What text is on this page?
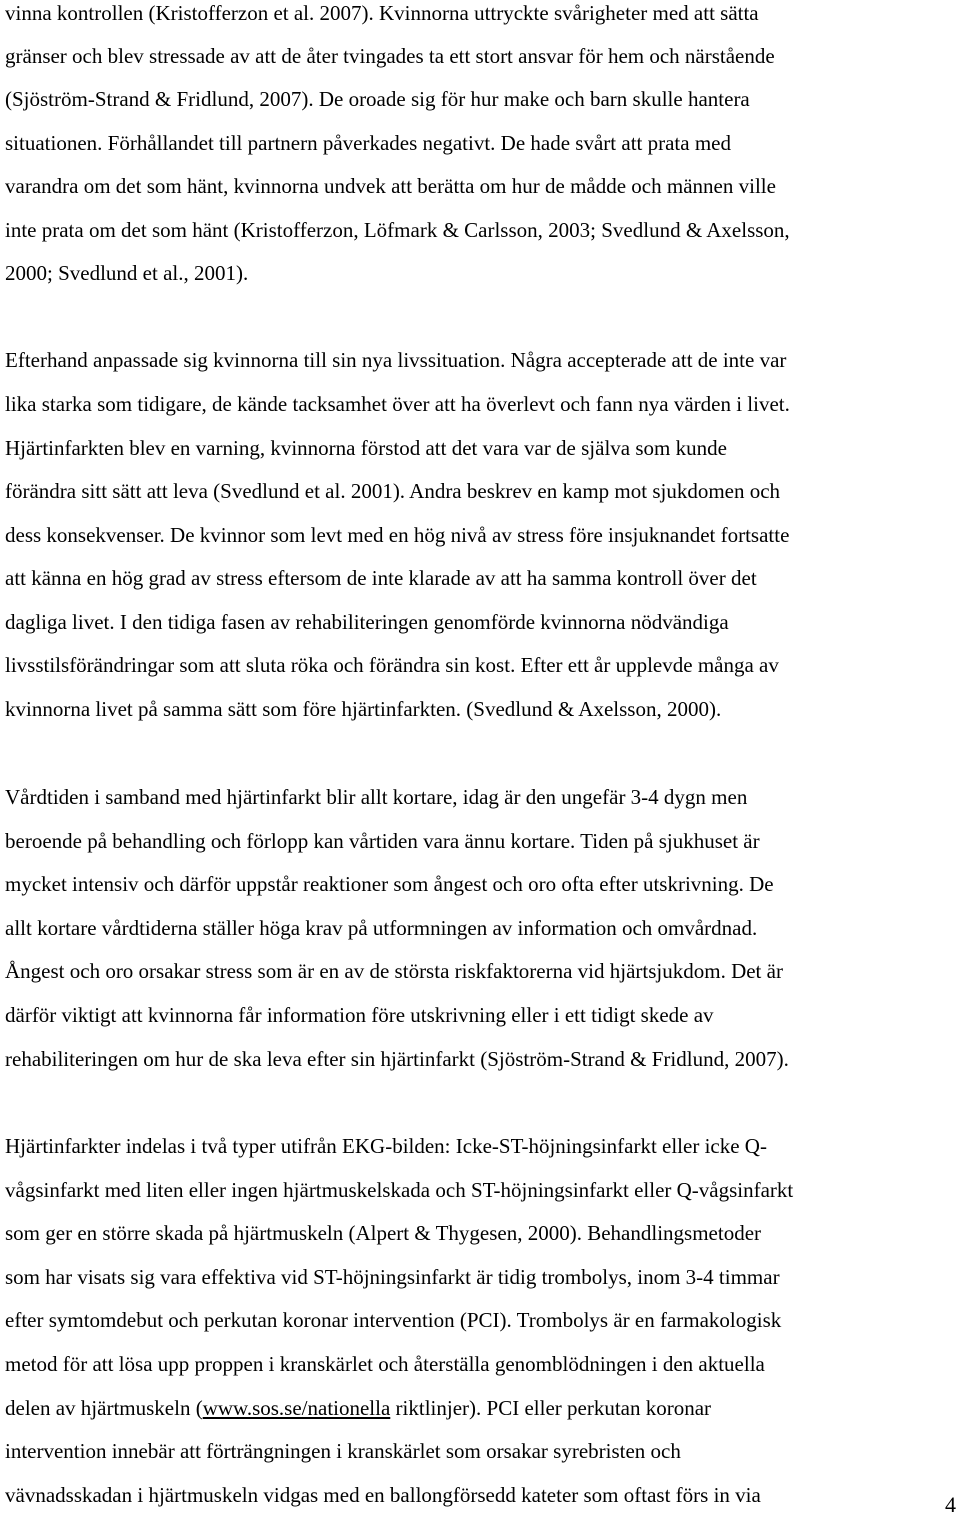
vinna kontrollen (Kristofferzon et al. 2007). Kvinnorna uttryckte svårigheter med att sätta
gränser och blev stressade av att de åter tvingades ta ett stort ansvar för hem och närstående
(Sjöström-Strand & Fridlund, 2007). De oroade sig för hur make och barn skulle hantera
situationen. Förhållandet till partnern påverkades negativt. De hade svårt att prata med
varandra om det som hänt, kvinnorna undvek att berätta om hur de mådde och männen ville
inte prata om det som hänt (Kristofferzon, Löfmark & Carlsson, 2003; Svedlund & Axelsson,
2000; Svedlund et al., 2001).
Efterhand anpassade sig kvinnorna till sin nya livssituation. Några accepterade att de inte var
lika starka som tidigare, de kände tacksamhet över att ha överlevt och fann nya värden i livet.
Hjärtinfarkten blev en varning, kvinnorna förstod att det vara var de själva som kunde
förändra sitt sätt att leva (Svedlund et al. 2001). Andra beskrev en kamp mot sjukdomen och
dess konsekvenser. De kvinnor som levt med en hög nivå av stress före insjuknandet fortsatte
att känna en hög grad av stress eftersom de inte klarade av att ha samma kontroll över det
dagliga livet. I den tidiga fasen av rehabiliteringen genomförde kvinnorna nödvändiga
livsstilsförändringar som att sluta röka och förändra sin kost. Efter ett år upplevde många av
kvinnorna livet på samma sätt som före hjärtinfarkten. (Svedlund & Axelsson, 2000).
Vårdtiden i samband med hjärtinfarkt blir allt kortare, idag är den ungefär 3-4 dygn men
beroende på behandling och förlopp kan vårtiden vara ännu kortare. Tiden på sjukhuset är
mycket intensiv och därför uppstår reaktioner som ångest och oro ofta efter utskrivning. De
allt kortare vårdtiderna ställer höga krav på utformningen av information och omvårdnad.
Ångest och oro orsakar stress som är en av de största riskfaktorerna vid hjärtsjukdom. Det är
därför viktigt att kvinnorna får information före utskrivning eller i ett tidigt skede av
rehabiliteringen om hur de ska leva efter sin hjärtinfarkt (Sjöström-Strand & Fridlund, 2007).
Hjärtinfarkter indelas i två typer utifrån EKG-bilden: Icke-ST-höjningsinfarkt eller icke Q-
vågsinfarkt med liten eller ingen hjärtmuskelskada och ST-höjningsinfarkt eller Q-vågsinfarkt
som ger en större skada på hjärtmuskeln (Alpert & Thygesen, 2000). Behandlingsmetoder
som har visats sig vara effektiva vid ST-höjningsinfarkt är tidig trombolys, inom 3-4 timmar
efter symtomdebut och perkutan koronar intervention (PCI). Trombolys är en farmakologisk
metod för att lösa upp proppen i kranskärlet och återställa genomblödningen i den aktuella
delen av hjärtmuskeln (www.sos.se/nationella riktlinjer). PCI eller perkutan koronar
intervention innebär att förträngningen i kranskärlet som orsakar syrebristen och
vävnadsskadan i hjärtmuskeln vidgas med en ballongförsedd kateter som oftast förs in via	4
